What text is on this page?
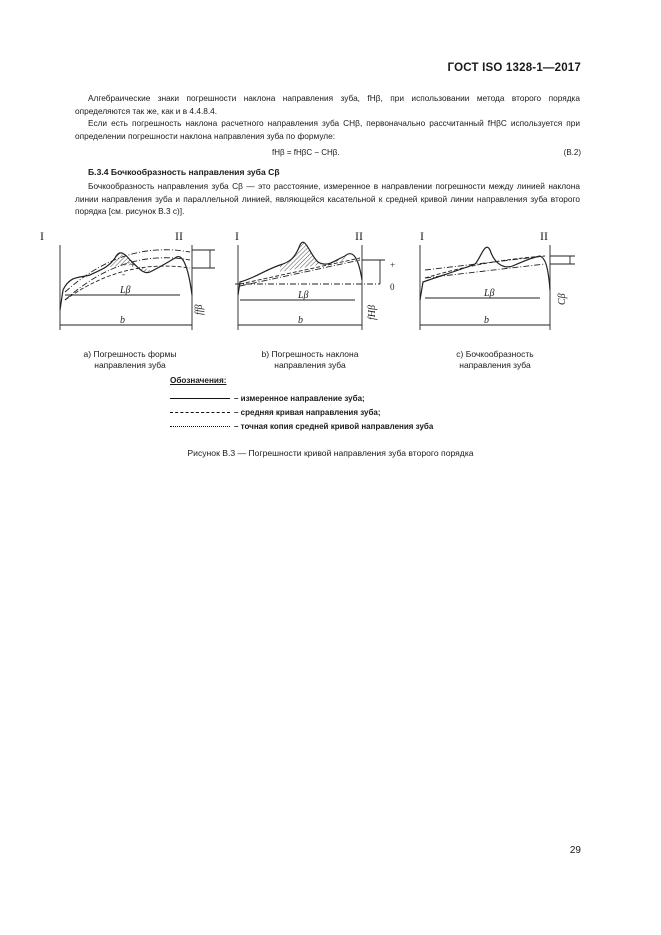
ГОСТ ISO 1328-1—2017

Алгебраические знаки погрешности наклона направления зуба, fHβ, при использовании метода второго порядка определяются так же, как и в 4.4.8.4.

Если есть погрешность наклона расчетного направления зуба CHβ, первоначально рассчитанный fHβC используется при определении погрешности наклона направления зуба по формуле:

fHβ = fHβC − CHβ.	(В.2)
Б.3.4 Бочкообразность направления зуба Cβ

Бочкообразность направления зуба Cβ — это расстояние, измеренное в направлении погрешности между линией наклона линии направления зуба и параллельной линией, являющейся касательной к средней кривой линии направления зуба второго порядка [см. рисунок В.3 с)].

I	II
Lβ
b
+
-
ffβ
I	II
Lβ
b
+
0
fHβ
I	II
Lβ
b
Cβ
а) Погрешность формы
направления зуба
b) Погрешность наклона
направления зуба
с) Бочкообразность
направления зуба
Обозначения:
– измеренное направление зуба;
– средняя кривая направления зуба;
– точная копия средней кривой направления зуба
Рисунок В.3 — Погрешности кривой направления зуба второго порядка
29
